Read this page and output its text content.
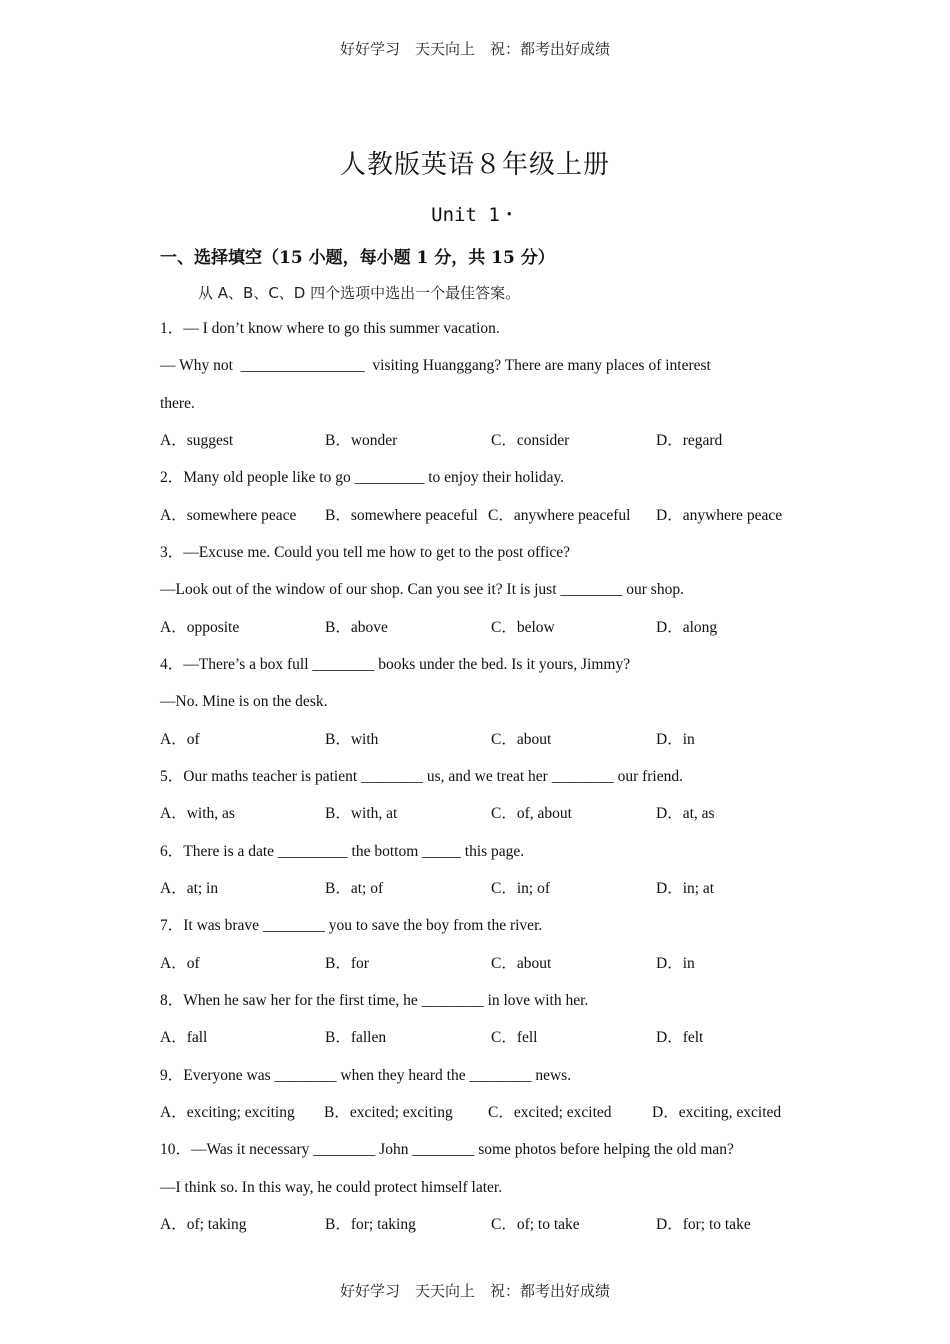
好好学习　天天向上　祝：都考出好成绩
人教版英语８年级上册
Unit 1・
一、选择填空（15 小题，每小题 1 分，共 15 分）
从 A、B、C、D 四个选项中选出一个最佳答案。
1．— I don’t know where to go this summer vacation.
— Why not  ________________  visiting Huanggang? There are many places of interest
there.
A．suggest	B．wonder	C．consider	D．regard
2．Many old people like to go _________ to enjoy their holiday.
A．somewhere peace B．somewhere peaceful C．anywhere peaceful D．anywhere peace
3．—Excuse me. Could you tell me how to get to the post office?
—Look out of the window of our shop. Can you see it? It is just ________ our shop.
A．opposite	B．above	C．below	D．along
4．—There’s a box full ________ books under the bed. Is it yours, Jimmy?
—No. Mine is on the desk.
A．of	B．with	C．about	D．in
5．Our maths teacher is patient ________ us, and we treat her ________ our friend.
A．with, as	B．with, at	C．of, about	D．at, as
6．There is a date _________ the bottom _____ this page.
A．at; in	B．at; of	C．in; of	D．in; at
7．It was brave ________ you to save the boy from the river.
A．of	B．for	C．about	D．in
8．When he saw her for the first time, he ________ in love with her.
A．fall	B．fallen	C．fell	D．felt
9．Everyone was ________ when they heard the ________ news.
A．exciting; exciting B．excited; exciting C．excited; excited	D．exciting, excited
10．—Was it necessary ________ John ________ some photos before helping the old man?
—I think so. In this way, he could protect himself later.
A．of; taking	B．for; taking	C．of; to take	D．for; to take
好好学习　天天向上　祝：都考出好成绩
